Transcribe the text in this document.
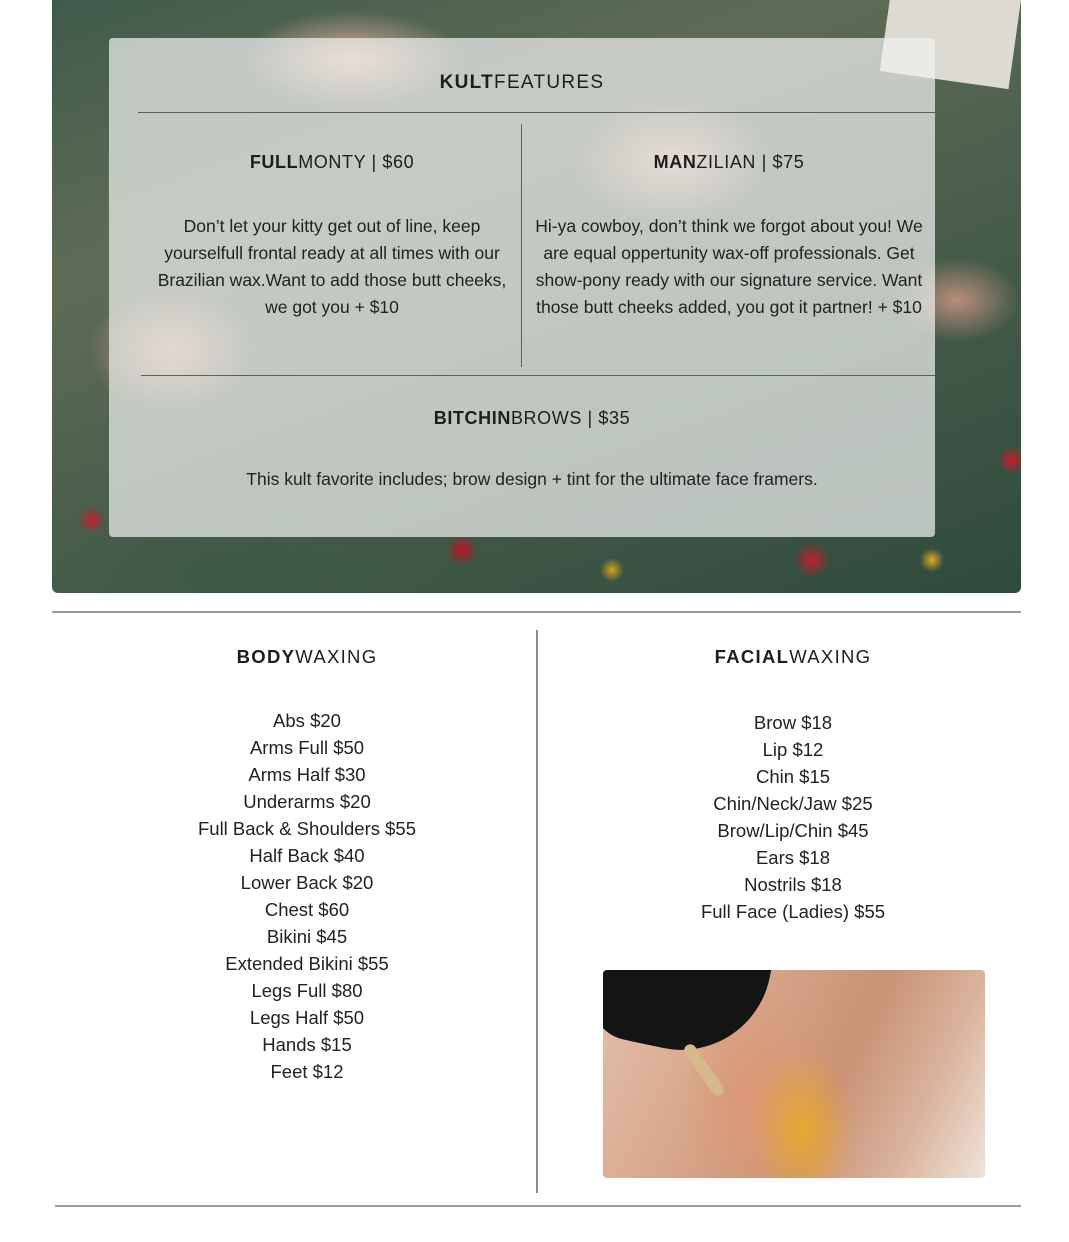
KULTFEATURES
FULLMONTY | $60

Don’t let your kitty get out of line, keep yourselfull frontal ready at all times with our Brazilian wax.Want to add those butt cheeks, we got you + $10

MANZILIAN | $75

Hi-ya cowboy, don’t think we forgot about you! We are equal oppertunity wax-off professionals. Get show-pony ready with our signature service. Want those butt cheeks added, you got it partner! + $10

BITCHINBROWS | $35

This kult favorite includes; brow design + tint for the ultimate face framers.

BODYWAXING
Abs $20
Arms Full $50
Arms Half $30
Underarms $20
Full Back & Shoulders $55
Half Back $40
Lower Back $20
Chest $60
Bikini $45
Extended Bikini $55
Legs Full $80
Legs Half $50
Hands $15
Feet $12
FACIALWAXING
Brow $18
Lip $12
Chin $15
Chin/Neck/Jaw $25
Brow/Lip/Chin $45
Ears $18
Nostrils $18
Full Face (Ladies) $55
